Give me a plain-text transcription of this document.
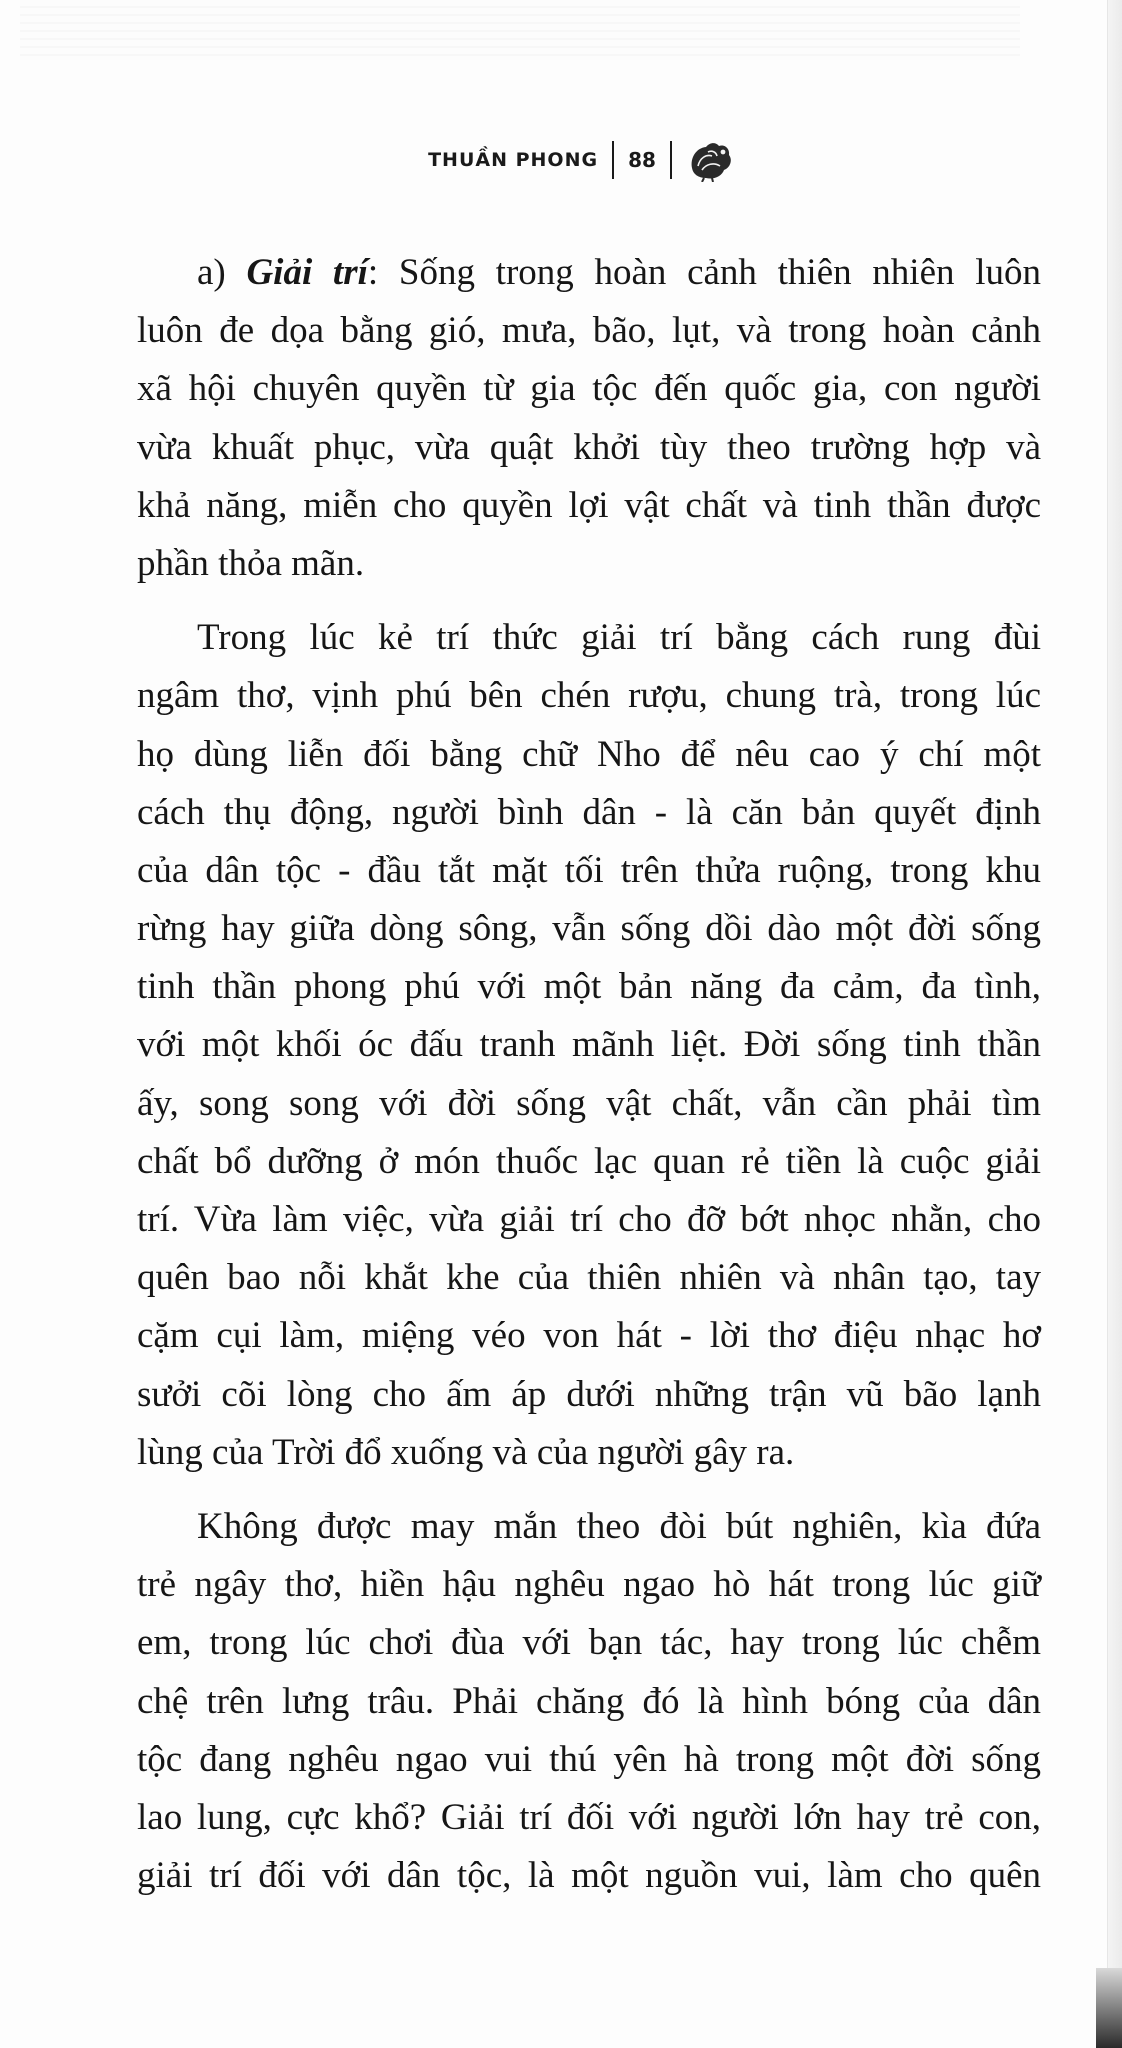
THUẦN PHONG 88
a) Giải trí: Sống trong hoàn cảnh thiên nhiên luôn
luôn đe dọa bằng gió, mưa, bão, lụt, và trong hoàn cảnh
xã hội chuyên quyền từ gia tộc đến quốc gia, con người
vừa khuất phục, vừa quật khởi tùy theo trường hợp và
khả năng, miễn cho quyền lợi vật chất và tinh thần được
phần thỏa mãn.
Trong lúc kẻ trí thức giải trí bằng cách rung đùi
ngâm thơ, vịnh phú bên chén rượu, chung trà, trong lúc
họ dùng liễn đối bằng chữ Nho để nêu cao ý chí một
cách thụ động, người bình dân - là căn bản quyết định
của dân tộc - đầu tắt mặt tối trên thửa ruộng, trong khu
rừng hay giữa dòng sông, vẫn sống dồi dào một đời sống
tinh thần phong phú với một bản năng đa cảm, đa tình,
với một khối óc đấu tranh mãnh liệt. Đời sống tinh thần
ấy, song song với đời sống vật chất, vẫn cần phải tìm
chất bổ dưỡng ở món thuốc lạc quan rẻ tiền là cuộc giải
trí. Vừa làm việc, vừa giải trí cho đỡ bớt nhọc nhằn, cho
quên bao nỗi khắt khe của thiên nhiên và nhân tạo, tay
cặm cụi làm, miệng véo von hát - lời thơ điệu nhạc hơ
sưởi cõi lòng cho ấm áp dưới những trận vũ bão lạnh
lùng của Trời đổ xuống và của người gây ra.
Không được may mắn theo đòi bút nghiên, kìa đứa
trẻ ngây thơ, hiền hậu nghêu ngao hò hát trong lúc giữ
em, trong lúc chơi đùa với bạn tác, hay trong lúc chễm
chệ trên lưng trâu. Phải chăng đó là hình bóng của dân
tộc đang nghêu ngao vui thú yên hà trong một đời sống
lao lung, cực khổ? Giải trí đối với người lớn hay trẻ con,
giải trí đối với dân tộc, là một nguồn vui, làm cho quên
